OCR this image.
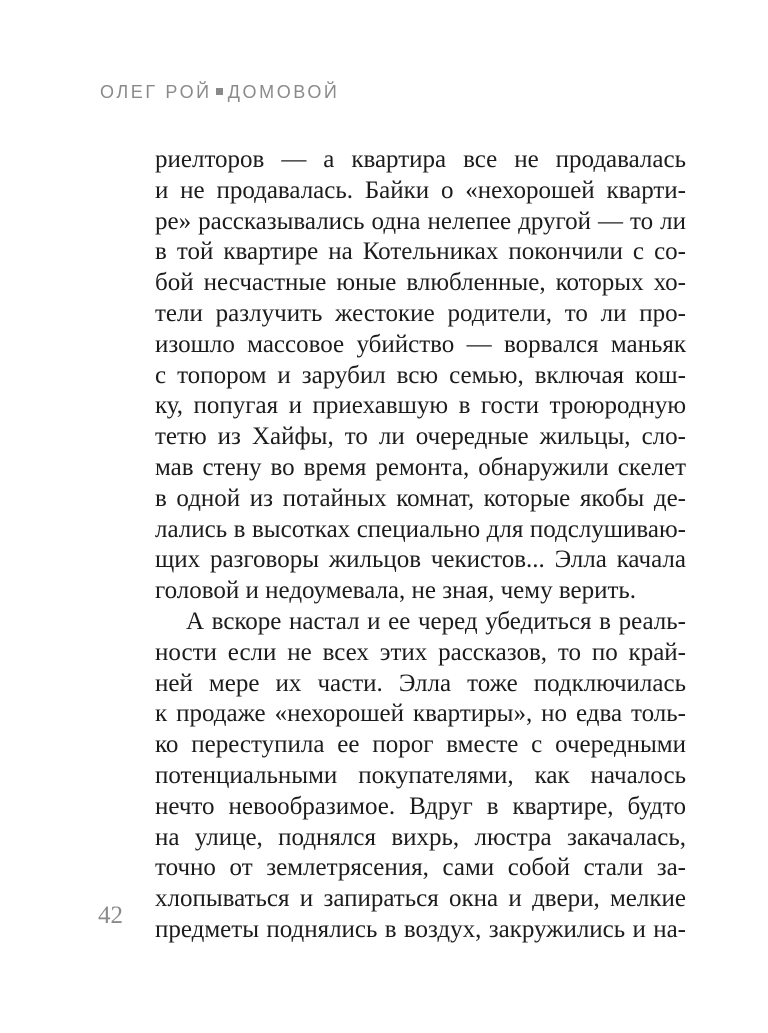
ОЛЕГ РОЙ ДОМОВОЙ
риелторов — а квартира все не продавалась
и не продавалась. Байки о «нехорошей кварти-
ре» рассказывались одна нелепее другой — то ли
в той квартире на Котельниках покончили с со-
бой несчастные юные влюбленные, которых хо-
тели разлучить жестокие родители, то ли про-
изошло массовое убийство — ворвался маньяк
с топором и зарубил всю семью, включая кош-
ку, попугая и приехавшую в гости троюродную
тетю из Хайфы, то ли очередные жильцы, сло-
мав стену во время ремонта, обнаружили скелет
в одной из потайных комнат, которые якобы де-
лались в высотках специально для подслушиваю-
щих разговоры жильцов чекистов... Элла качала
головой и недоумевала, не зная, чему верить.
А вскоре настал и ее черед убедиться в реаль-
ности если не всех этих рассказов, то по край-
ней мере их части. Элла тоже подключилась
к продаже «нехорошей квартиры», но едва толь-
ко переступила ее порог вместе с очередными
потенциальными покупателями, как началось
нечто невообразимое. Вдруг в квартире, будто
на улице, поднялся вихрь, люстра закачалась,
точно от землетрясения, сами собой стали за-
хлопываться и запираться окна и двери, мелкие
предметы поднялись в воздух, закружились и на-
42
